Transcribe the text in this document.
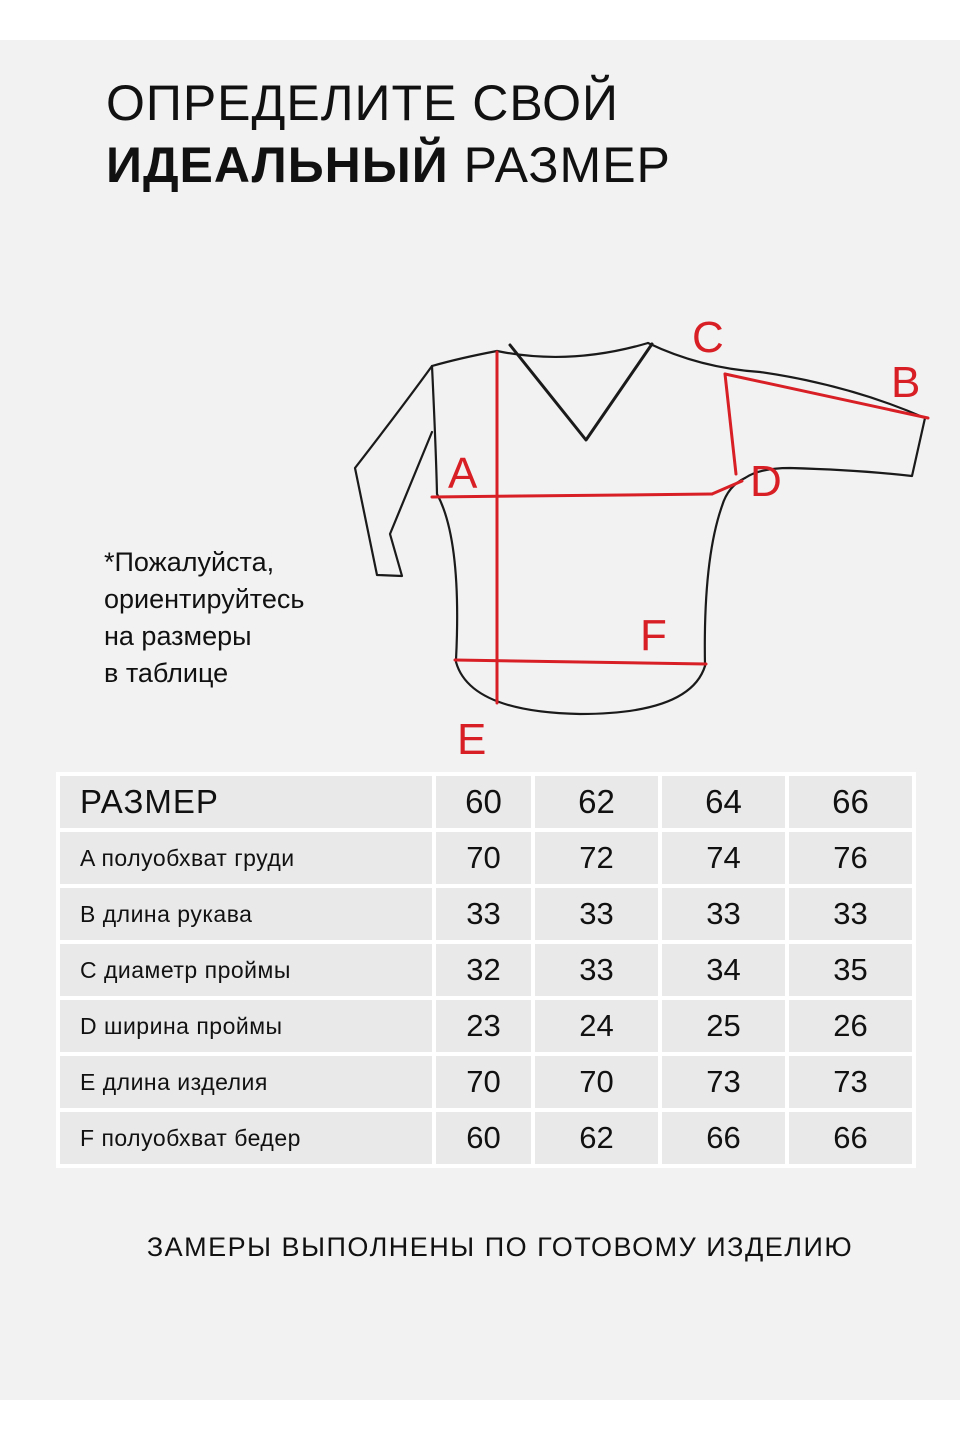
ОПРЕДЕЛИТЕ СВОЙ
ИДЕАЛЬНЫЙ РАЗМЕР
A
B
C
D
E
F
*Пожалуйста,
ориентируйтесь
на размеры
в таблице
РАЗМЕР	60	62	64	66
A полуобхват груди	70	72	74	76
B длина рукава	33	33	33	33
C диаметр проймы	32	33	34	35
D ширина проймы	23	24	25	26
E длина изделия	70	70	73	73
F полуобхват бедер	60	62	66	66
ЗАМЕРЫ ВЫПОЛНЕНЫ ПО ГОТОВОМУ ИЗДЕЛИЮ
